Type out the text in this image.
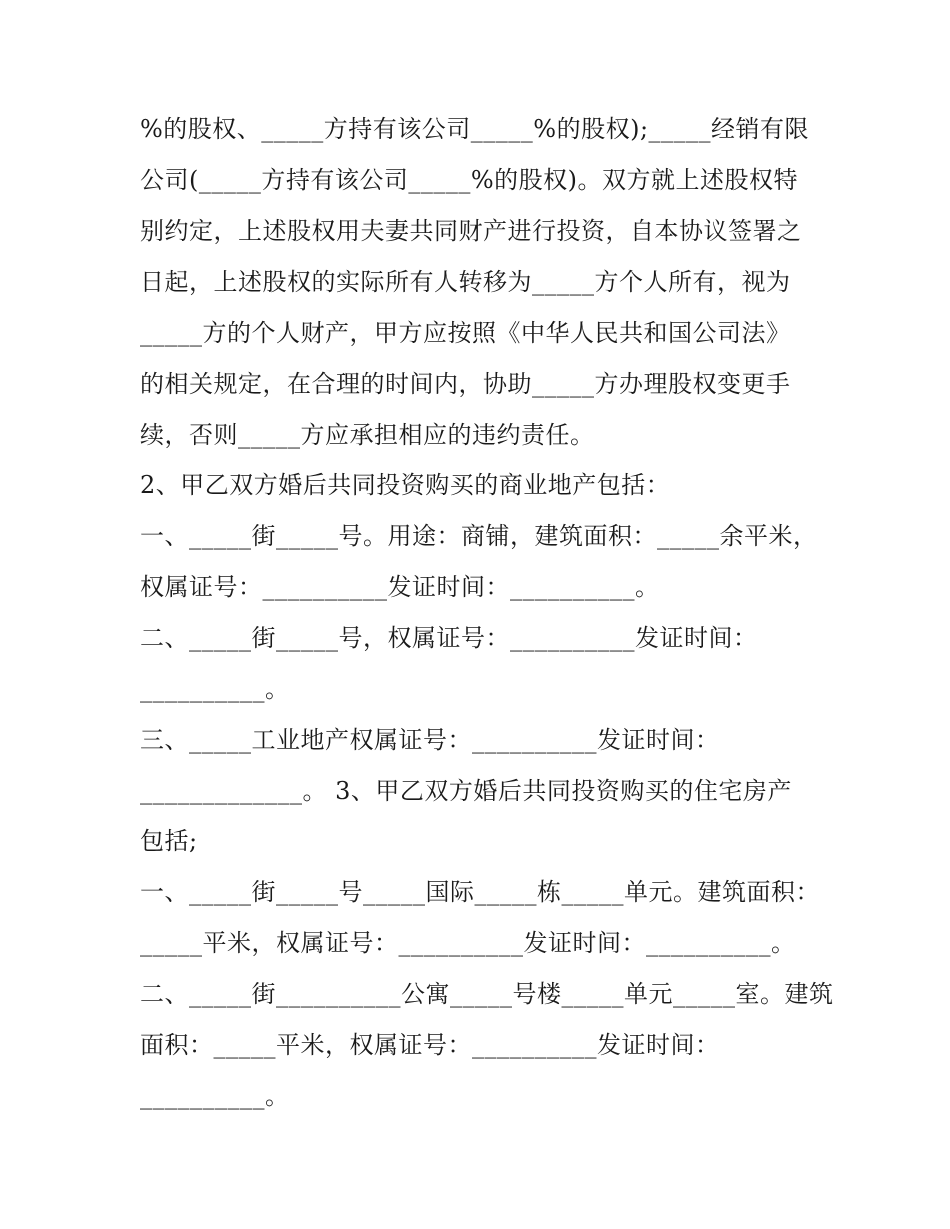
%的股权、_____方持有该公司_____%的股权);_____经销有限
公司(_____方持有该公司_____%的股权)。双方就上述股权特
别约定，上述股权用夫妻共同财产进行投资，自本协议签署之
日起，上述股权的实际所有人转移为_____方个人所有，视为
_____方的个人财产，甲方应按照《中华人民共和国公司法》
的相关规定，在合理的时间内，协助_____方办理股权变更手
续，否则_____方应承担相应的违约责任。
2、甲乙双方婚后共同投资购买的商业地产包括：
一、_____街_____号。用途：商铺，建筑面积：_____余平米，
权属证号：__________发证时间：__________。
二、_____街_____号，权属证号：__________发证时间：
__________。
三、_____工业地产权属证号：__________发证时间：
_____________。 3、甲乙双方婚后共同投资购买的住宅房产
包括;
一、_____街_____号_____国际_____栋_____单元。建筑面积：
_____平米，权属证号：__________发证时间：__________。
二、_____街__________公寓_____号楼_____单元_____室。建筑
面积：_____平米，权属证号：__________发证时间：
__________。
